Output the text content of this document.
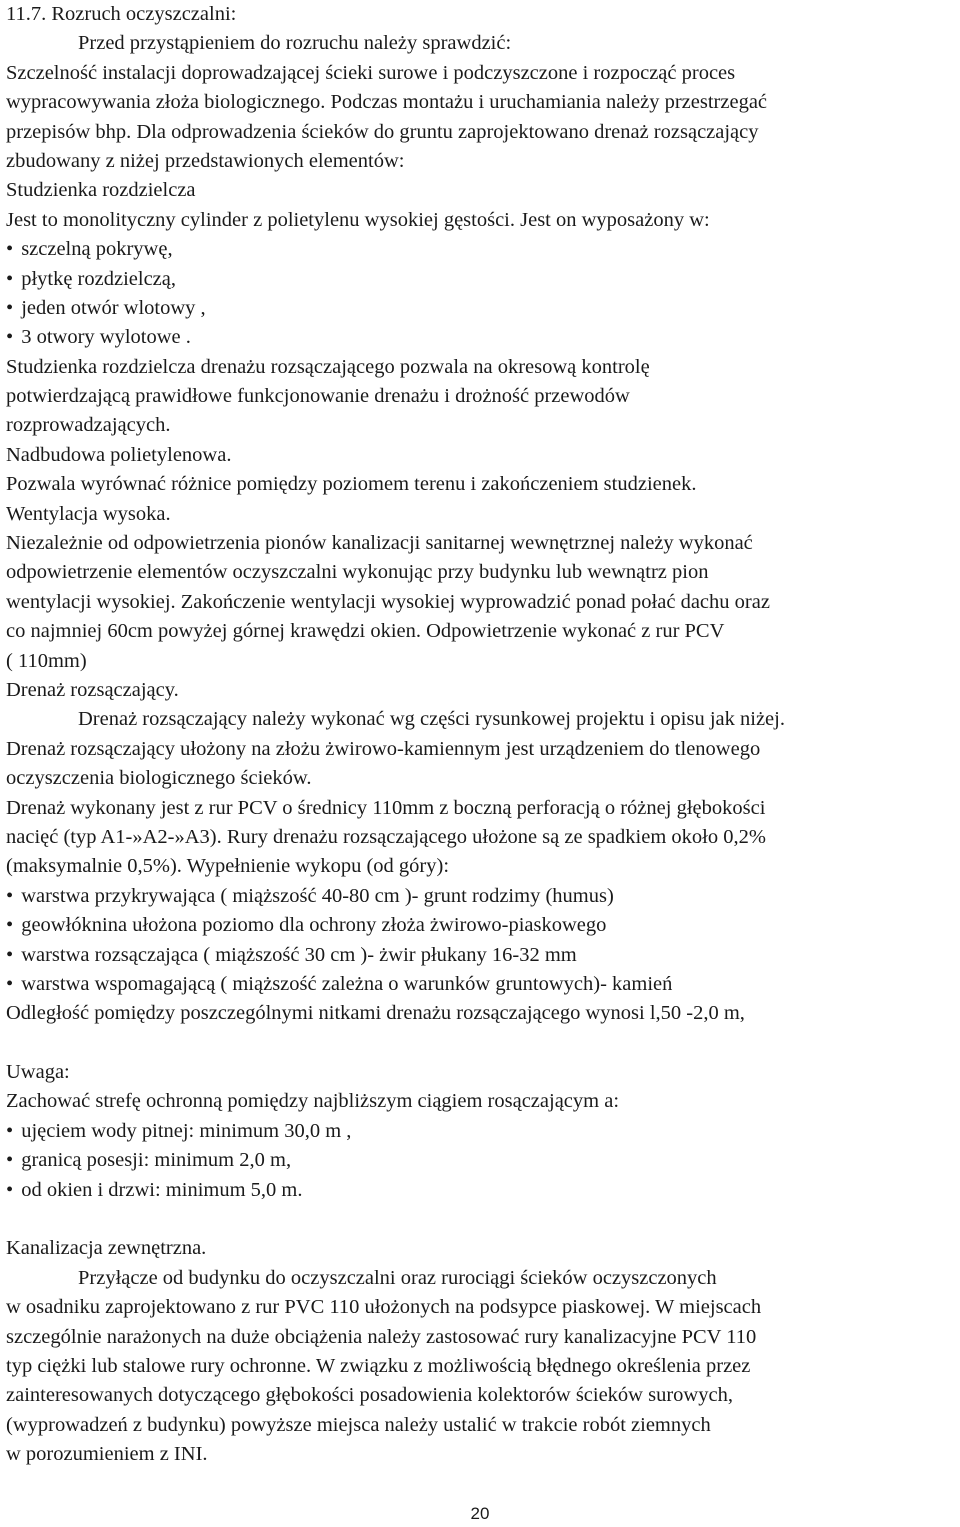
11.7. Rozruch oczyszczalni:
Przed przystąpieniem do rozruchu należy sprawdzić:
Szczelność instalacji doprowadzającej ścieki surowe i podczyszczone i rozpocząć proces
wypracowywania złoża biologicznego. Podczas montażu i uruchamiania należy przestrzegać
przepisów bhp. Dla odprowadzenia ścieków do gruntu zaprojektowano drenaż rozsączający
zbudowany z niżej przedstawionych elementów:
Studzienka rozdzielcza
Jest to monolityczny cylinder z polietylenu wysokiej gęstości. Jest on wyposażony w:
• szczelną pokrywę,
• płytkę rozdzielczą,
• jeden otwór wlotowy ,
• 3 otwory wylotowe .
Studzienka rozdzielcza drenażu rozsączającego pozwala na okresową kontrolę
potwierdzającą prawidłowe funkcjonowanie drenażu i drożność przewodów
rozprowadzających.
Nadbudowa polietylenowa.
Pozwala wyrównać różnice pomiędzy poziomem terenu i zakończeniem studzienek.
Wentylacja wysoka.
Niezależnie od odpowietrzenia pionów kanalizacji sanitarnej wewnętrznej należy wykonać
odpowietrzenie elementów oczyszczalni wykonując przy budynku lub wewnątrz pion
wentylacji wysokiej. Zakończenie wentylacji wysokiej wyprowadzić ponad połać dachu oraz
co najmniej 60cm powyżej górnej krawędzi okien. Odpowietrzenie wykonać z rur PCV
( 110mm)
Drenaż rozsączający.
Drenaż rozsączający należy wykonać wg części rysunkowej projektu i opisu jak niżej.
Drenaż rozsączający ułożony na złożu żwirowo-kamiennym jest urządzeniem do tlenowego
oczyszczenia biologicznego ścieków.
Drenaż wykonany jest z rur PCV o średnicy 110mm z boczną perforacją o różnej głębokości
nacięć (typ A1-»A2-»A3). Rury drenażu rozsączającego ułożone są ze spadkiem około 0,2%
(maksymalnie 0,5%). Wypełnienie wykopu (od góry):
• warstwa przykrywająca ( miąższość 40-80 cm )- grunt rodzimy (humus)
• geowłóknina ułożona poziomo dla ochrony złoża żwirowo-piaskowego
• warstwa rozsączająca ( miąższość 30 cm )- żwir płukany 16-32 mm
• warstwa wspomagającą ( miąższość zależna o warunków gruntowych)- kamień
Odległość pomiędzy poszczególnymi nitkami drenażu rozsączającego wynosi l,50 -2,0 m,
Uwaga:
Zachować strefę ochronną pomiędzy najbliższym ciągiem rosączającym a:
• ujęciem wody pitnej: minimum 30,0 m ,
• granicą posesji: minimum 2,0 m,
• od okien i drzwi: minimum 5,0 m.
Kanalizacja zewnętrzna.
Przyłącze od budynku do oczyszczalni oraz rurociągi ścieków oczyszczonych
w osadniku zaprojektowano z rur PVC 110 ułożonych na podsypce piaskowej. W miejscach
szczególnie narażonych na duże obciążenia należy zastosować rury kanalizacyjne PCV 110
typ ciężki lub stalowe rury ochronne. W związku z możliwością błędnego określenia przez
zainteresowanych dotyczącego głębokości posadowienia kolektorów ścieków surowych,
(wyprowadzeń z budynku) powyższe miejsca należy ustalić w trakcie robót ziemnych
w porozumieniem z INI.
20
